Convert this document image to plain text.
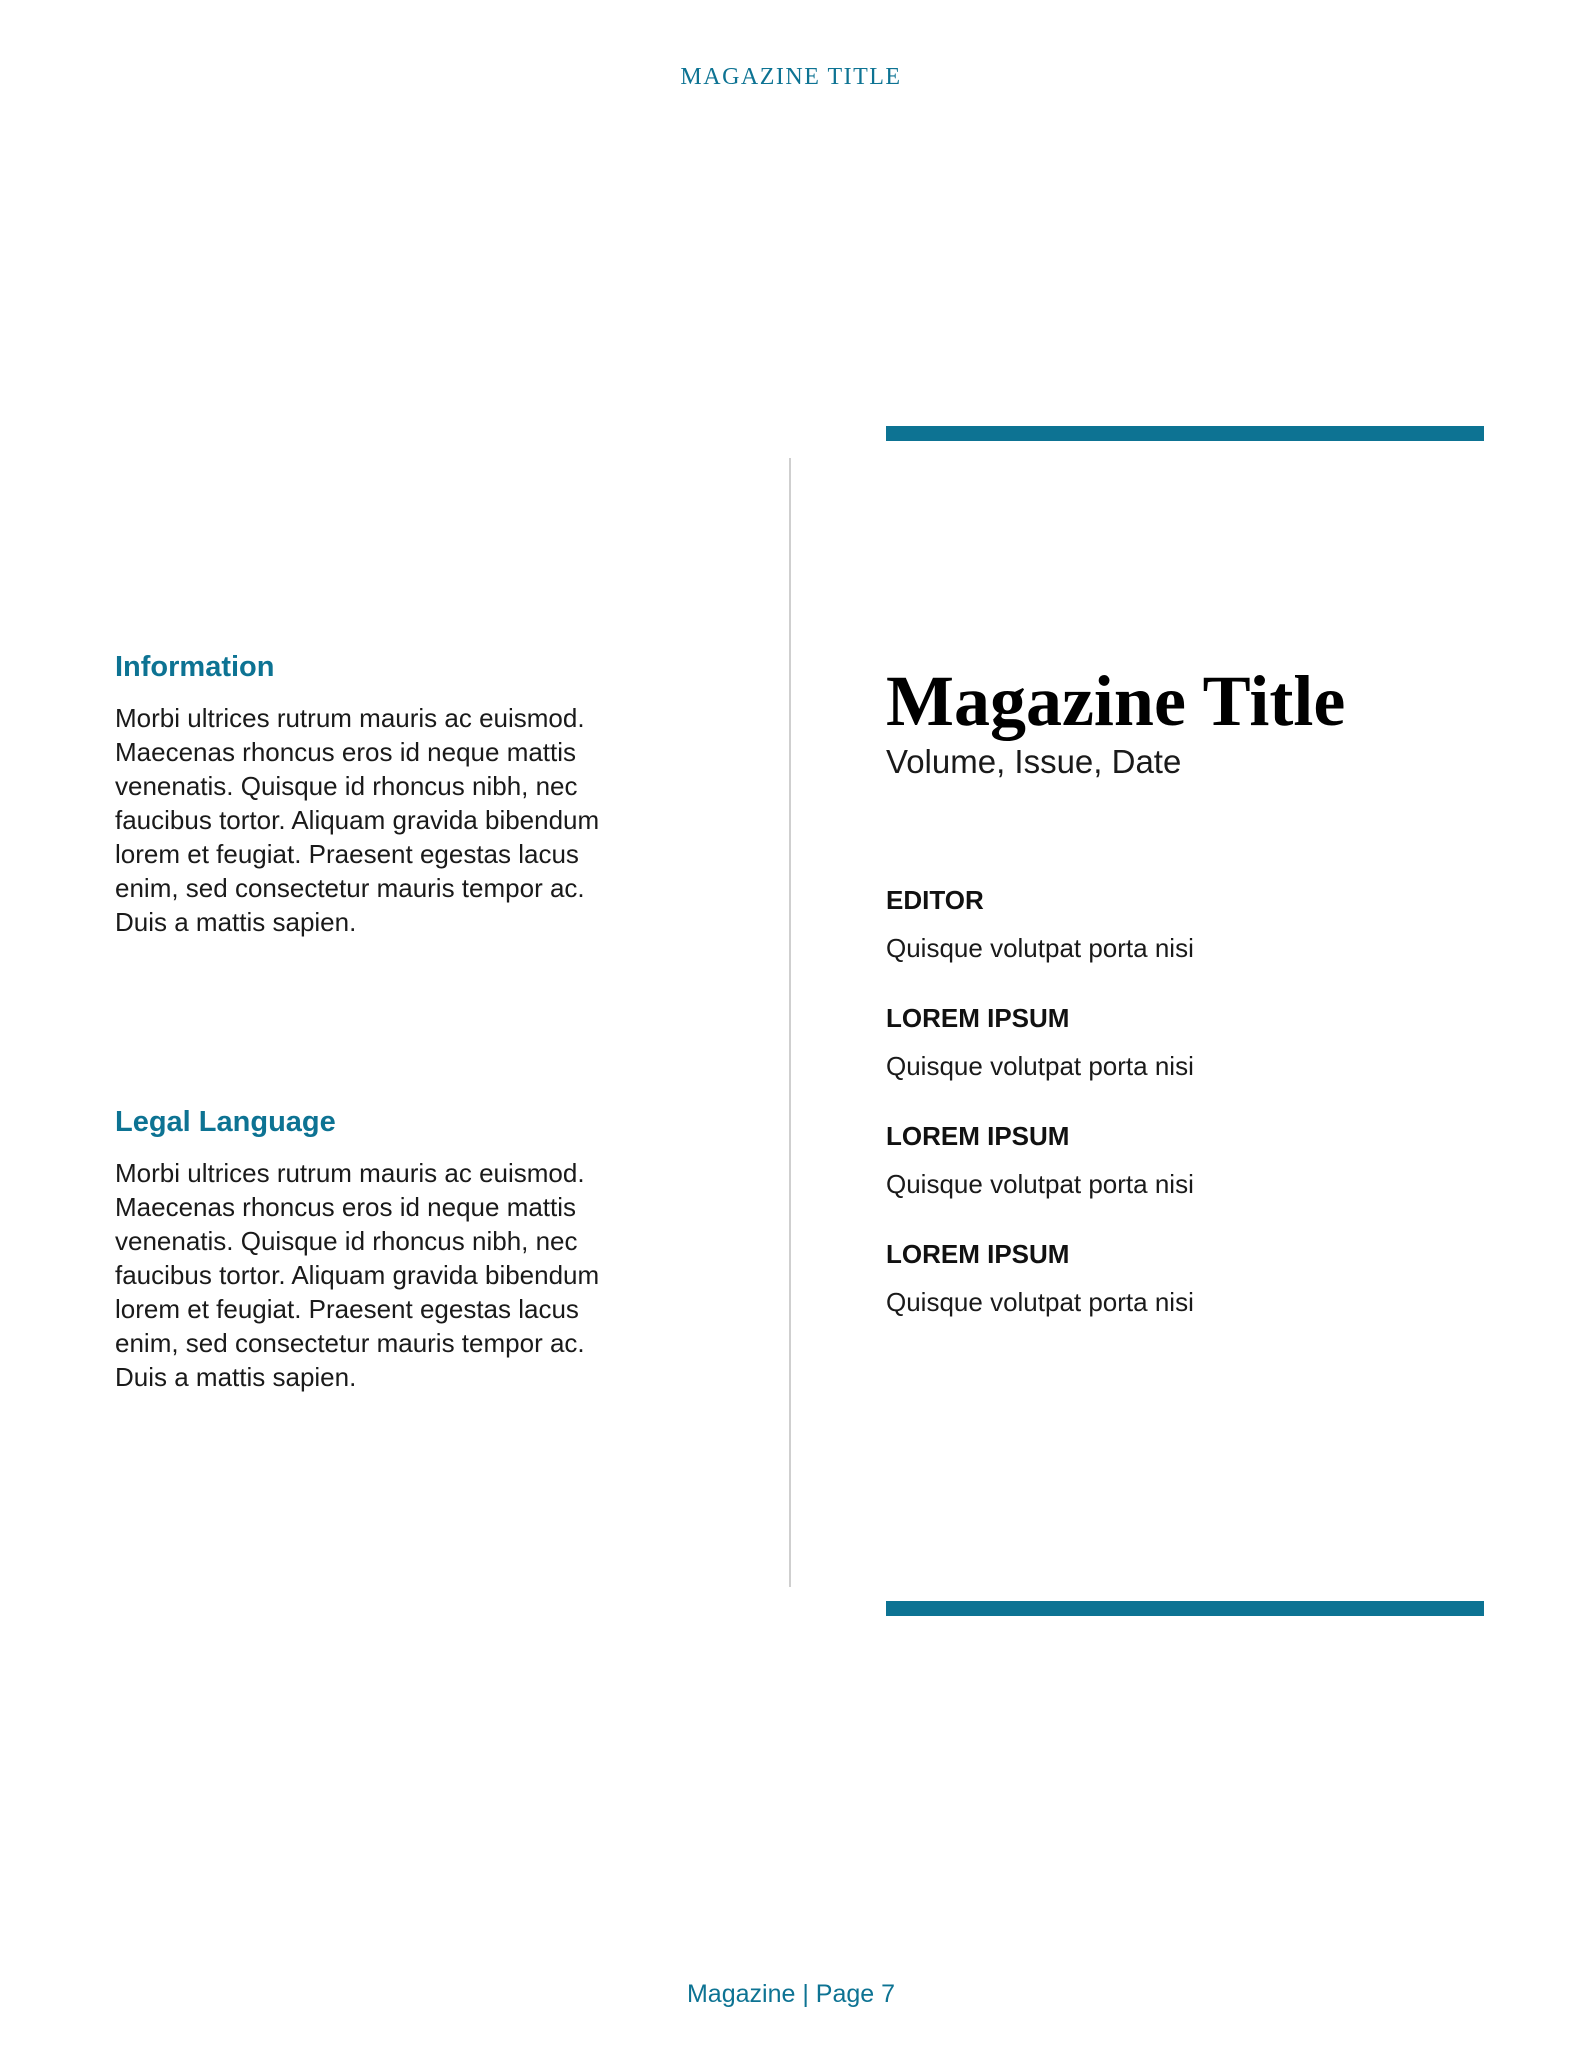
MAGAZINE TITLE
Information

Morbi ultrices rutrum mauris ac euismod. Maecenas rhoncus eros id neque mattis venenatis. Quisque id rhoncus nibh, nec faucibus tortor. Aliquam gravida bibendum lorem et feugiat. Praesent egestas lacus enim, sed consectetur mauris tempor ac. Duis a mattis sapien.

Legal Language

Morbi ultrices rutrum mauris ac euismod. Maecenas rhoncus eros id neque mattis venenatis. Quisque id rhoncus nibh, nec faucibus tortor. Aliquam gravida bibendum lorem et feugiat. Praesent egestas lacus enim, sed consectetur mauris tempor ac. Duis a mattis sapien.

Magazine Title

Volume, Issue, Date

EDITOR

Quisque volutpat porta nisi

LOREM IPSUM

Quisque volutpat porta nisi

LOREM IPSUM

Quisque volutpat porta nisi

LOREM IPSUM

Quisque volutpat porta nisi

Magazine | Page 7
